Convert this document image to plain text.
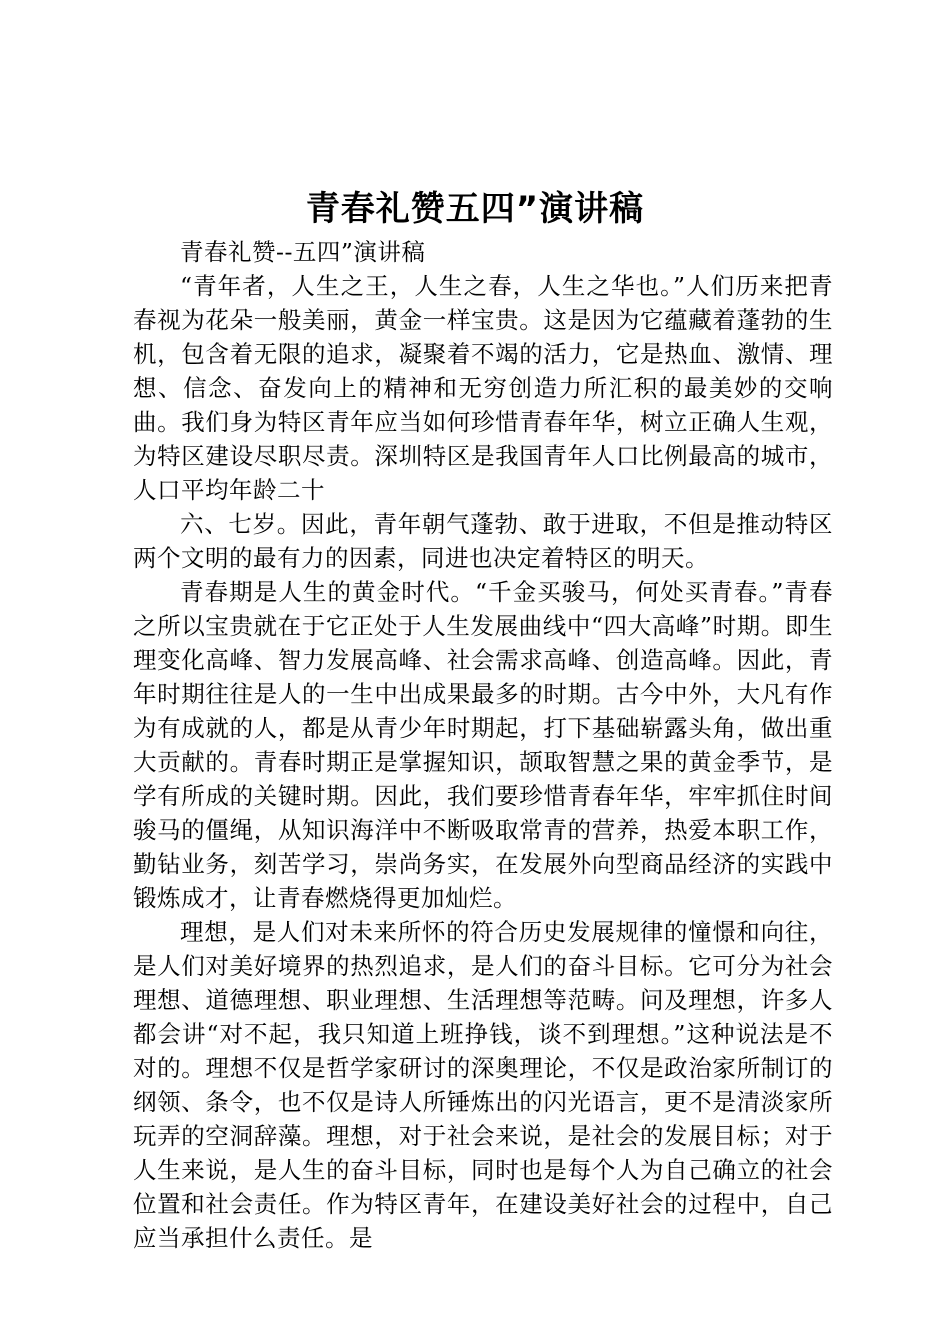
青春礼赞五四”演讲稿

青春礼赞--五四”演讲稿

“青年者，人生之王，人生之春，人生之华也。”人们历来把青春视为花朵一般美丽，黄金一样宝贵。这是因为它蕴藏着蓬勃的生机，包含着无限的追求，凝聚着不竭的活力，它是热血、激情、理想、信念、奋发向上的精神和无穷创造力所汇积的最美妙的交响曲。我们身为特区青年应当如何珍惜青春年华，树立正确人生观，为特区建设尽职尽责。深圳特区是我国青年人口比例最高的城市，人口平均年龄二十

六、七岁。因此，青年朝气蓬勃、敢于进取，不但是推动特区两个文明的最有力的因素，同进也决定着特区的明天。

青春期是人生的黄金时代。“千金买骏马，何处买青春。”青春之所以宝贵就在于它正处于人生发展曲线中“四大高峰”时期。即生理变化高峰、智力发展高峰、社会需求高峰、创造高峰。因此，青年时期往往是人的一生中出成果最多的时期。古今中外，大凡有作为有成就的人，都是从青少年时期起，打下基础崭露头角，做出重大贡献的。青春时期正是掌握知识，颉取智慧之果的黄金季节，是学有所成的关键时期。因此，我们要珍惜青春年华，牢牢抓住时间骏马的僵绳，从知识海洋中不断吸取常青的营养，热爱本职工作，勤钻业务，刻苦学习，崇尚务实，在发展外向型商品经济的实践中锻炼成才，让青春燃烧得更加灿烂。

理想，是人们对未来所怀的符合历史发展规律的憧憬和向往，是人们对美好境界的热烈追求，是人们的奋斗目标。它可分为社会理想、道德理想、职业理想、生活理想等范畴。问及理想，许多人都会讲“对不起，我只知道上班挣钱，谈不到理想。”这种说法是不对的。理想不仅是哲学家研讨的深奥理论，不仅是政治家所制订的纲领、条令，也不仅是诗人所锤炼出的闪光语言，更不是清淡家所玩弄的空洞辞藻。理想，对于社会来说，是社会的发展目标；对于人生来说，是人生的奋斗目标，同时也是每个人为自己确立的社会位置和社会责任。作为特区青年，在建设美好社会的过程中，自己应当承担什么责任。是
